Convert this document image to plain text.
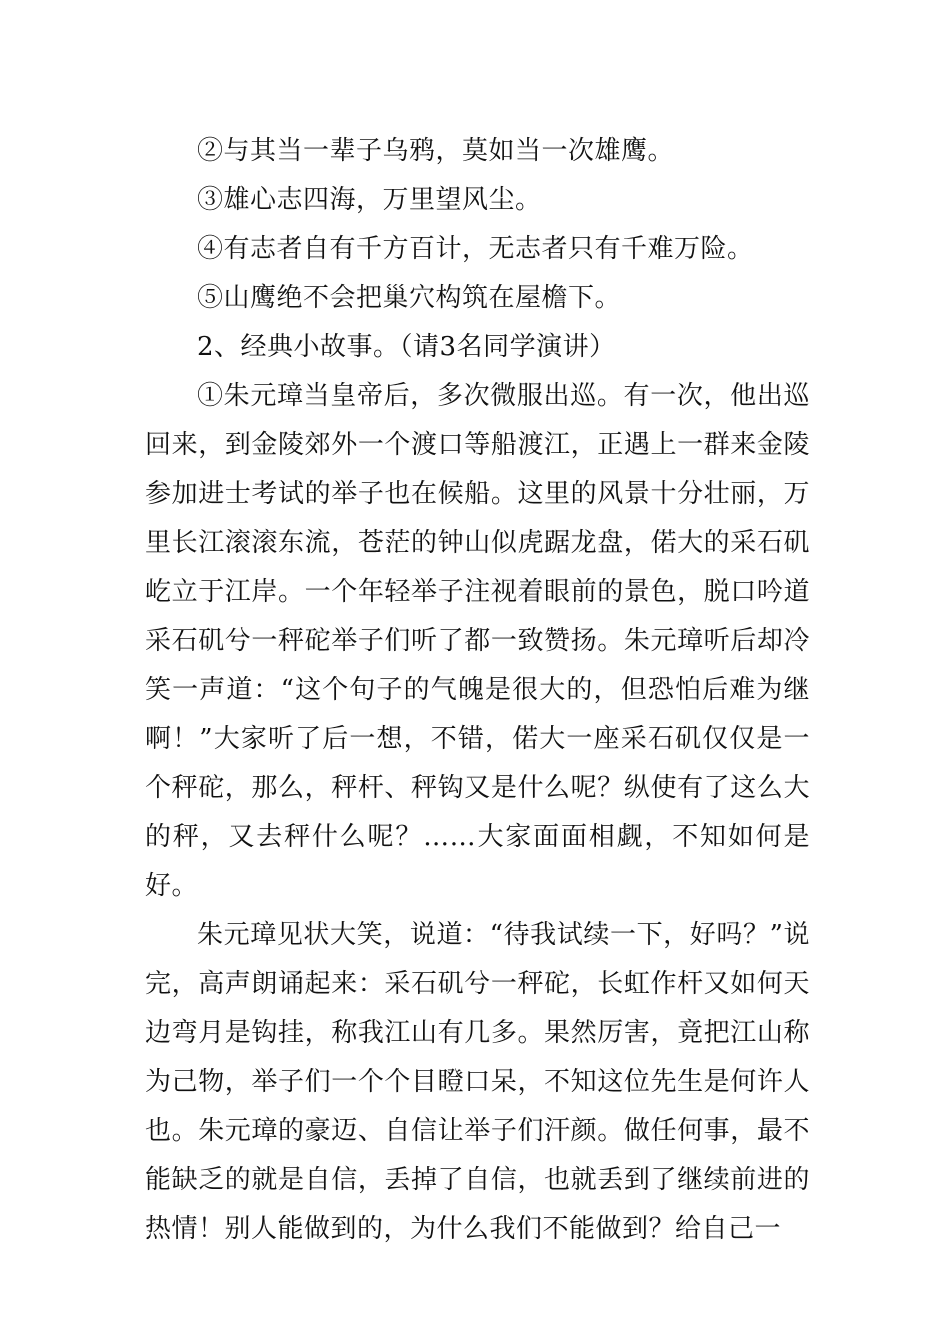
②与其当一辈子乌鸦，莫如当一次雄鹰。

③雄心志四海，万里望风尘。

④有志者自有千方百计，无志者只有千难万险。

⑤山鹰绝不会把巢穴构筑在屋檐下。

2、经典小故事。（请3名同学演讲）

①朱元璋当皇帝后，多次微服出巡。有一次，他出巡回来，到金陵郊外一个渡口等船渡江，正遇上一群来金陵参加进士考试的举子也在候船。这里的风景十分壮丽，万里长江滚滚东流，苍茫的钟山似虎踞龙盘，偌大的采石矶屹立于江岸。一个年轻举子注视着眼前的景色，脱口吟道采石矶兮一秤砣举子们听了都一致赞扬。朱元璋听后却冷笑一声道：“这个句子的气魄是很大的，但恐怕后难为继啊！”大家听了后一想，不错，偌大一座采石矶仅仅是一个秤砣，那么，秤杆、秤钩又是什么呢？纵使有了这么大的秤，又去秤什么呢？……大家面面相觑，不知如何是好。

朱元璋见状大笑，说道：“待我试续一下，好吗？”说完，高声朗诵起来：采石矶兮一秤砣，长虹作杆又如何天边弯月是钩挂，称我江山有几多。果然厉害，竟把江山称为己物，举子们一个个目瞪口呆，不知这位先生是何许人也。朱元璋的豪迈、自信让举子们汗颜。做任何事，最不能缺乏的就是自信，丢掉了自信，也就丢到了继续前进的热情！别人能做到的，为什么我们不能做到？给自己一
